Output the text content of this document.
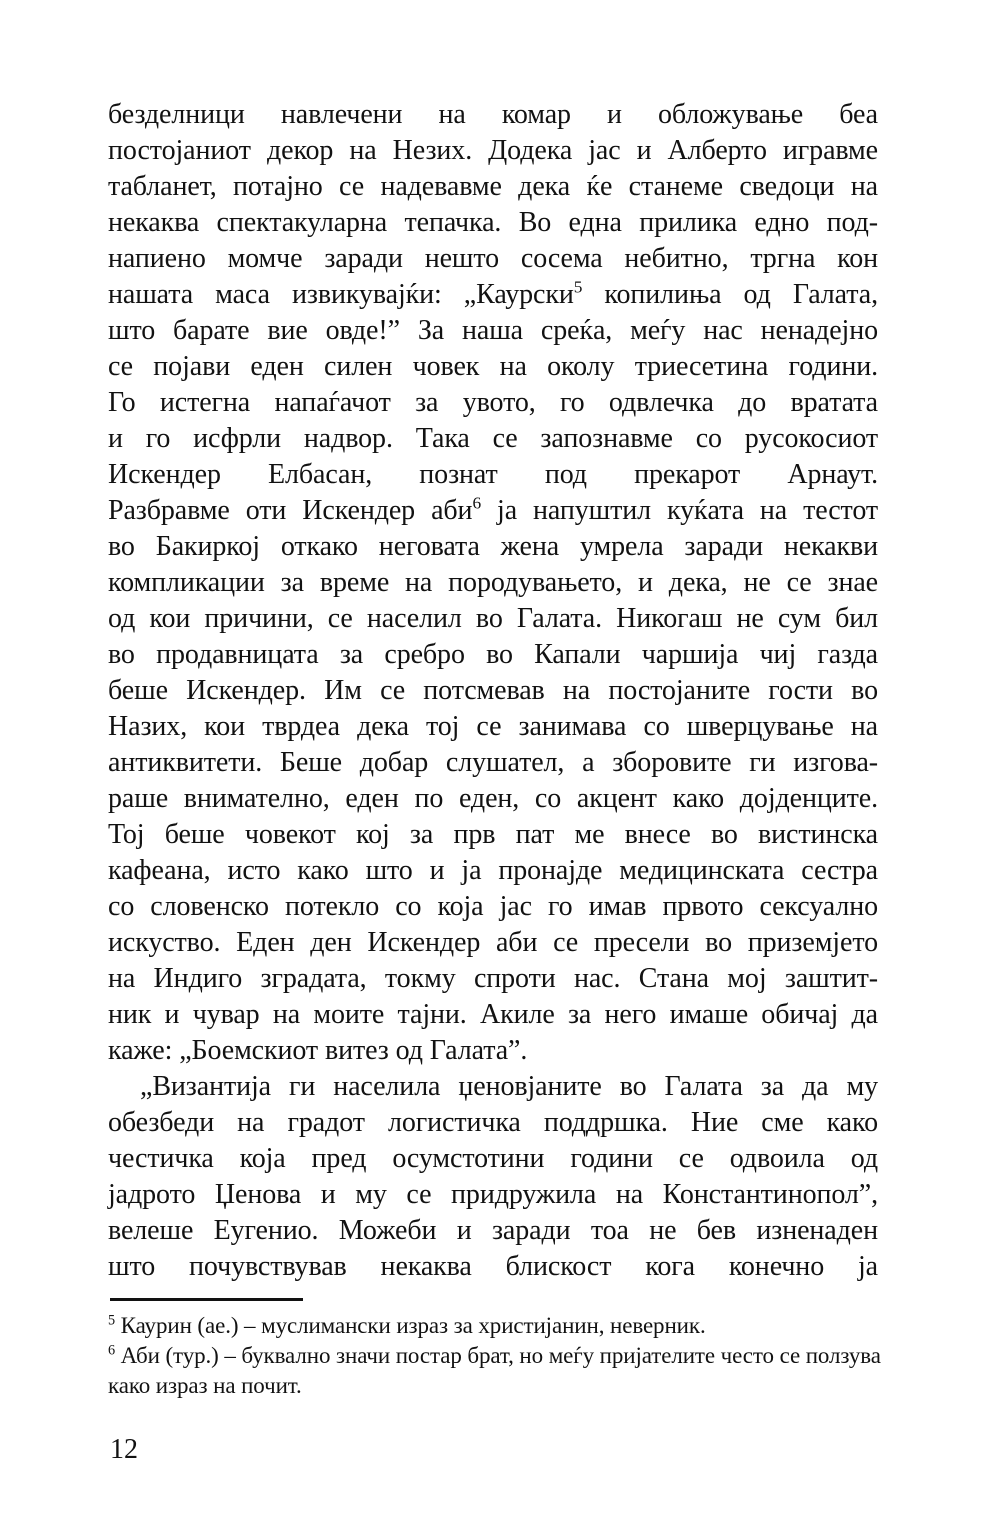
безделници навлечени на комар и обложување беа
постојаниот декор на Незих. Додека јас и Алберто игравме
табланет, потајно се надевавме дека ќе станеме сведоци на
некаква спектакуларна тепачка. Во една прилика едно под-
напиено момче заради нешто сосема небитно, тргна кон
нашата маса извикувајќи: „Каурски$^5$ копилиња од Галата,
што барате вие овде!” За наша среќа, меѓу нас ненадејно
се појави еден силен човек на околу триесетина години.
Го истегна напаѓачот за увото, го одвлечка до вратата
и го исфрли надвор. Така се запознавме со русокосиот
Искендер Елбасан, познат под прекарот Арнаут.
Разбравме оти Искендер аби$^6$ ја напуштил куќата на тестот
во Бакиркој откако неговата жена умрела заради некакви
компликации за време на породувањето, и дека, не се знае
од кои причини, се населил во Галата. Никогаш не сум бил
во продавницата за сребро во Капали чаршија чиј газда
беше Искендер. Им се потсмевав на постојаните гости во
Назих, кои тврдеа дека тој се занимава со шверцување на
антиквитети. Беше добар слушател, а зборовите ги изгова-
раше внимателно, еден по еден, со акцент како дојденците.
Тој беше човекот кој за прв пат ме внесе во вистинска
кафеана, исто како што и ја пронајде медицинската сестра
со словенско потекло со која јас го имав првото сексуално
искуство. Еден ден Искендер аби се пресели во приземјето
на Индиго зградата, токму спроти нас. Стана мој заштит-
ник и чувар на моите тајни. Акиле за него имаше обичај да
каже: „Боемскиот витез од Галата”.
„Византија ги населила џеновјаните во Галата за да му
обезбеди на градот логистичка поддршка. Ние сме како
честичка која пред осумстотини години се одвоила од
јадрото Џенова и му се придружила на Константинопол”,
велеше Еугенио. Можеби и заради тоа не бев изненаден
што почувствував некаква блискост кога конечно ја
$^5$ Каурин (ае.) – муслимански израз за христијанин, неверник.
$^6$ Аби (тур.) – буквално значи постар брат, но меѓу пријателите често се ползува
како израз на почит.
12
